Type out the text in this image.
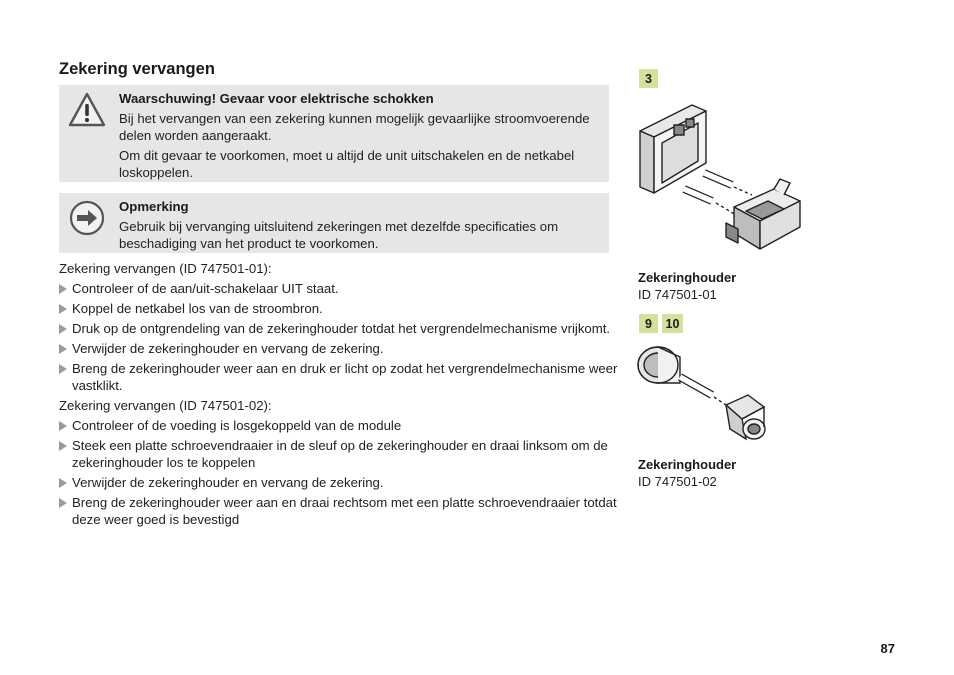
Zekering vervangen

Waarschuwing! Gevaar voor elektrische schokken

Bij het vervangen van een zekering kunnen mogelijk gevaarlijke stroomvoerende delen worden aangeraakt.

Om dit gevaar te voorkomen, moet u altijd de unit uitschakelen en de netkabel loskoppelen.

Opmerking

Gebruik bij vervanging uitsluitend zekeringen met dezelfde specificaties om beschadiging van het product te voorkomen.

Zekering vervangen (ID 747501-01):

Controleer of de aan/uit-schakelaar UIT staat.
Koppel de netkabel los van de stroombron.
Druk op de ontgrendeling van de zekeringhouder totdat het vergrendelmechanisme vrijkomt.
Verwijder de zekeringhouder en vervang de zekering.
Breng de zekeringhouder weer aan en druk er licht op zodat het vergrendelmechanisme weer vastklikt.

Zekering vervangen (ID 747501-02):

Controleer of de voeding is losgekoppeld van de module
Steek een platte schroevendraaier in de sleuf op de zekeringhouder en draai linksom om de zekeringhouder los te koppelen
Verwijder de zekeringhouder en vervang de zekering.
Breng de zekeringhouder weer aan en draai rechtsom met een platte schroevendraaier totdat deze weer goed is bevestigd
3
Zekeringhouder
ID 747501-01
9	10
Zekeringhouder
ID 747501-02
87
